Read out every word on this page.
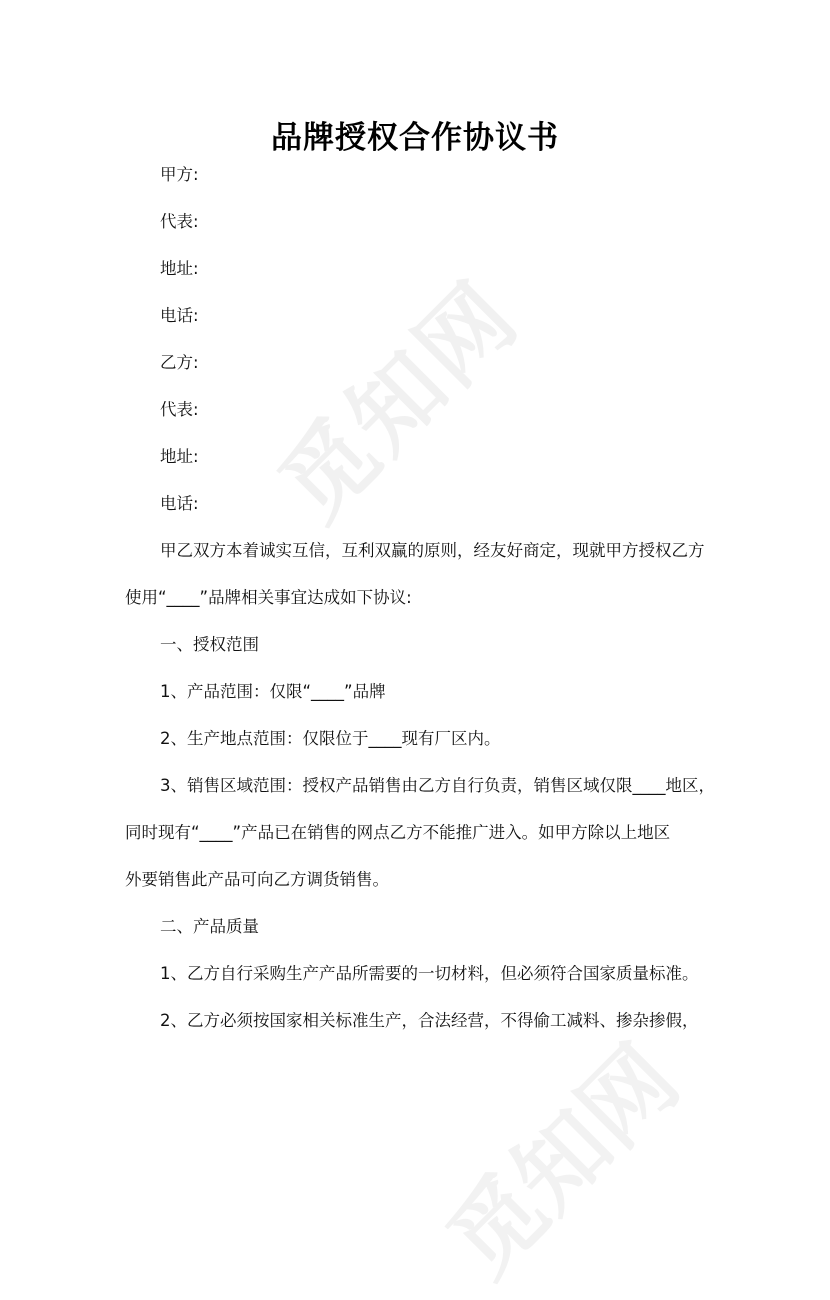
觅知网
觅知网
品牌授权合作协议书
甲方:
代表:
地址:
电话:
乙方:
代表:
地址:
电话:
甲乙双方本着诚实互信，互利双赢的原则，经友好商定，现就甲方授权乙方
使用“____”品牌相关事宜达成如下协议:
一、授权范围
1、产品范围：仅限“____”品牌
2、生产地点范围：仅限位于____现有厂区内。
3、销售区域范围：授权产品销售由乙方自行负责，销售区域仅限____地区，
同时现有“____”产品已在销售的网点乙方不能推广进入。如甲方除以上地区
外要销售此产品可向乙方调货销售。
二、产品质量
1、乙方自行采购生产产品所需要的一切材料，但必须符合国家质量标准。
2、乙方必须按国家相关标准生产，合法经营，不得偷工减料、掺杂掺假，
